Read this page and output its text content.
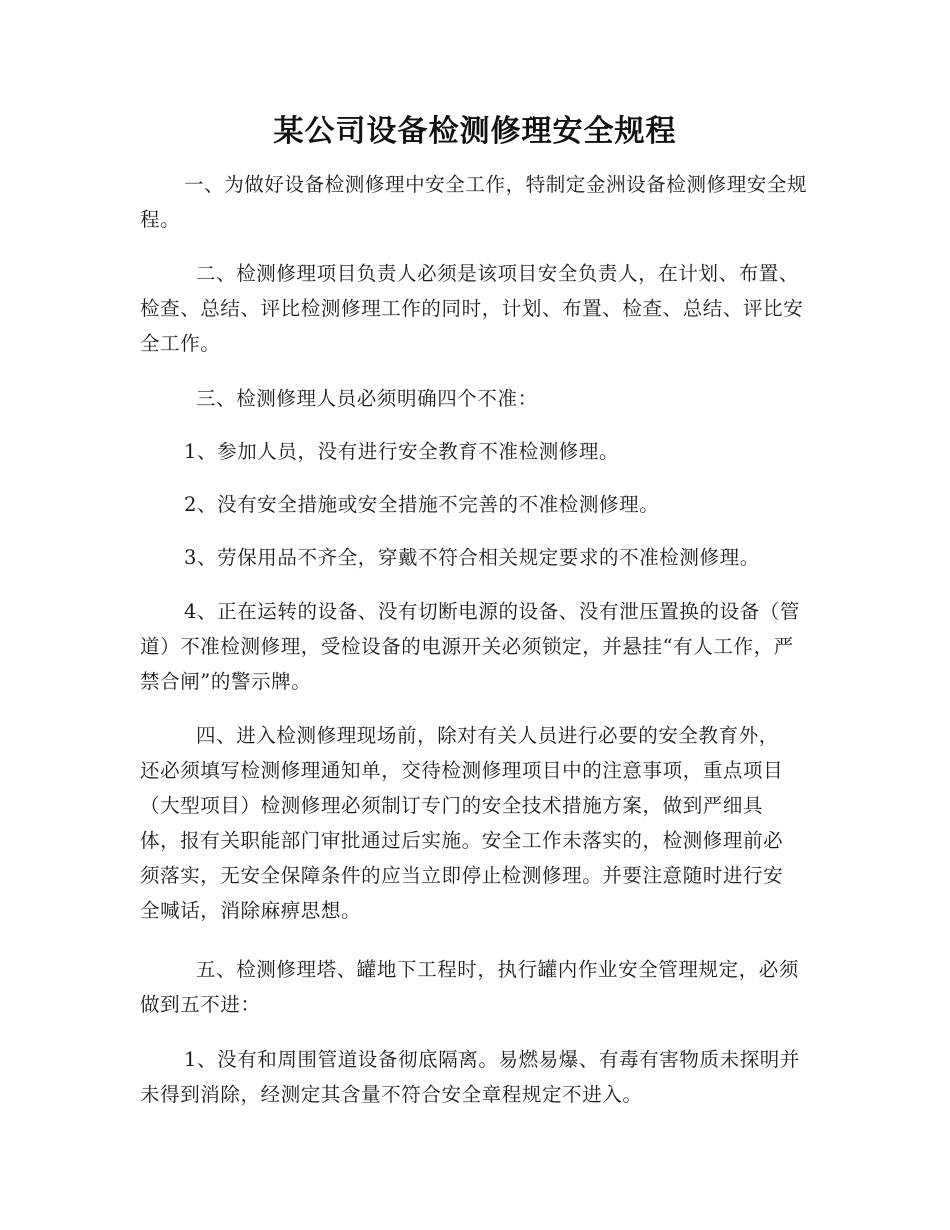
某公司设备检测修理安全规程
一、为做好设备检测修理中安全工作，特制定金洲设备检测修理安全规程。
二、检测修理项目负责人必须是该项目安全负责人，在计划、布置、检查、总结、评比检测修理工作的同时，计划、布置、检查、总结、评比安全工作。
三、检测修理人员必须明确四个不准：
1、参加人员，没有进行安全教育不准检测修理。
2、没有安全措施或安全措施不完善的不准检测修理。
3、劳保用品不齐全，穿戴不符合相关规定要求的不准检测修理。
4、正在运转的设备、没有切断电源的设备、没有泄压置换的设备（管道）不准检测修理，受检设备的电源开关必须锁定，并悬挂“有人工作，严禁合闸”的警示牌。
四、进入检测修理现场前，除对有关人员进行必要的安全教育外，还必须填写检测修理通知单，交待检测修理项目中的注意事项，重点项目（大型项目）检测修理必须制订专门的安全技术措施方案，做到严细具体，报有关职能部门审批通过后实施。安全工作未落实的，检测修理前必须落实，无安全保障条件的应当立即停止检测修理。并要注意随时进行安全喊话，消除麻痹思想。
五、检测修理塔、罐地下工程时，执行罐内作业安全管理规定，必须做到五不进：
1、没有和周围管道设备彻底隔离。易燃易爆、有毒有害物质未探明并未得到消除，经测定其含量不符合安全章程规定不进入。
